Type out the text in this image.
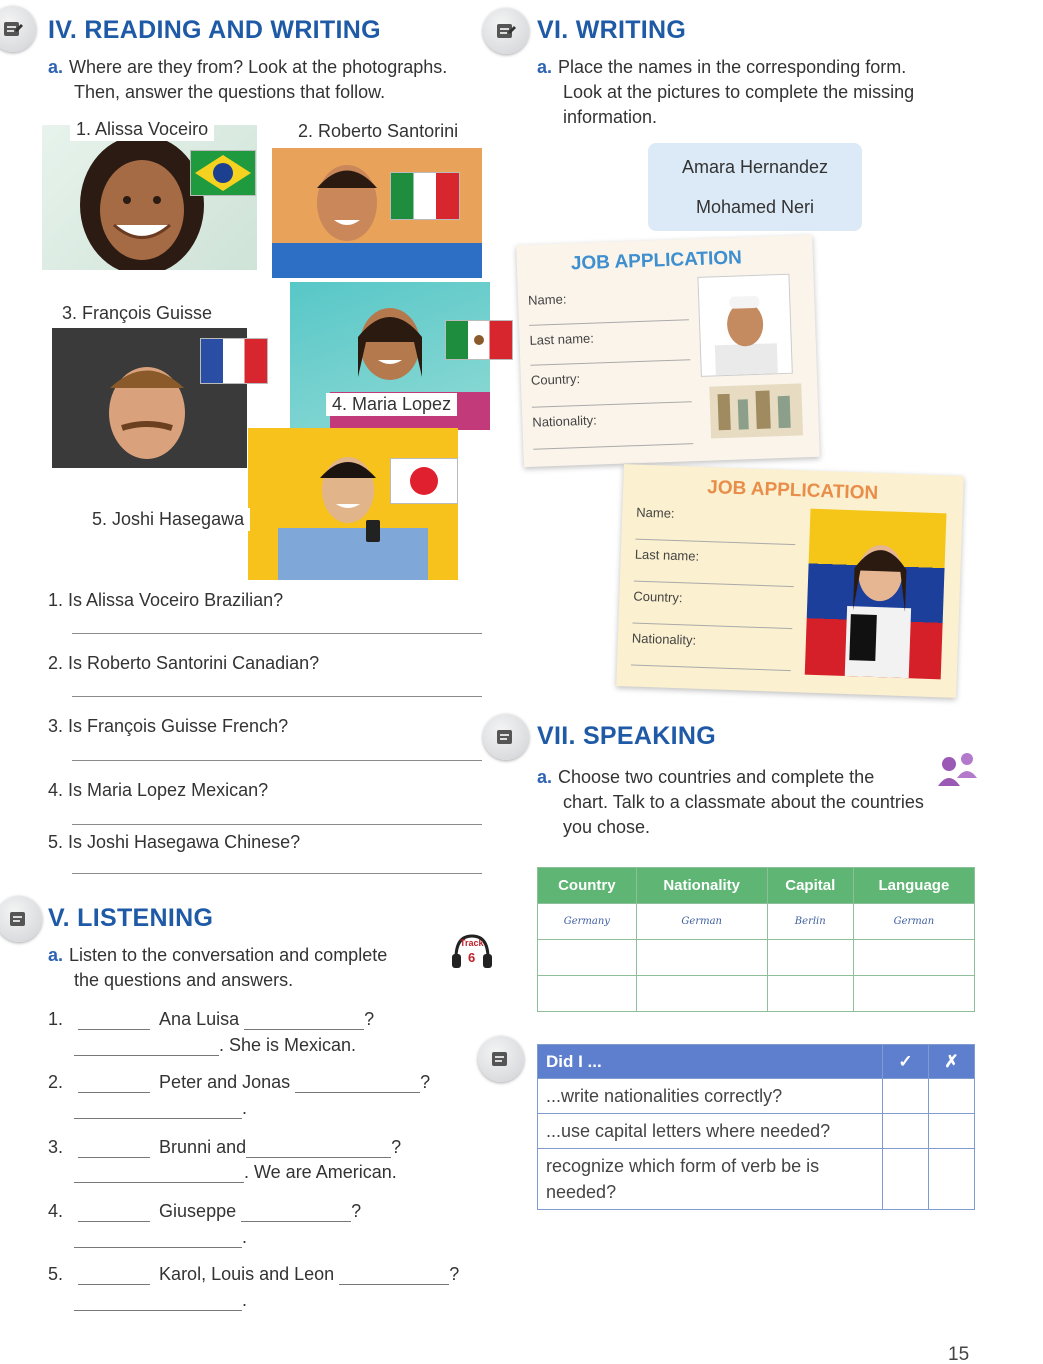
IV. READING AND WRITING
a. Where are they from? Look at the photographs.
Then, answer the questions that follow.
1. Alissa Voceiro	2. Roberto Santorini
3. François Guisse
4. Maria Lopez
5. Joshi Hasegawa
1. Is Alissa Voceiro Brazilian?
2. Is Roberto Santorini Canadian?
3. Is François Guisse French?
4. Is Maria Lopez Mexican?
5. Is Joshi Hasegawa Chinese?
V. LISTENING
a. Listen to the conversation and complete
the questions and answers.
Track
6
1.	Ana Luisa	?
. She is Mexican.
2.	Peter and Jonas	?
.
3.	Brunni and	?
. We are American.
4.	Giuseppe	?
.
5.	Karol, Louis and Leon	?
.
VI. WRITING
a. Place the names in the corresponding form.
Look at the pictures to complete the missing
information.
Amara Hernandez
Mohamed Neri
JOB APPLICATION
Name:
Last name:
Country:
Nationality:
JOB APPLICATION
Name:
Last name:
Country:
Nationality:
VII. SPEAKING
a. Choose two countries and complete the
chart. Talk to a classmate about the countries
you chose.
Country	Nationality	Capital	Language
Germany	German	Berlin	German

Did I ...	✓	✗
...write nationalities correctly?		
...use capital letters where needed?		
recognize which form of verb be is needed?		
15
